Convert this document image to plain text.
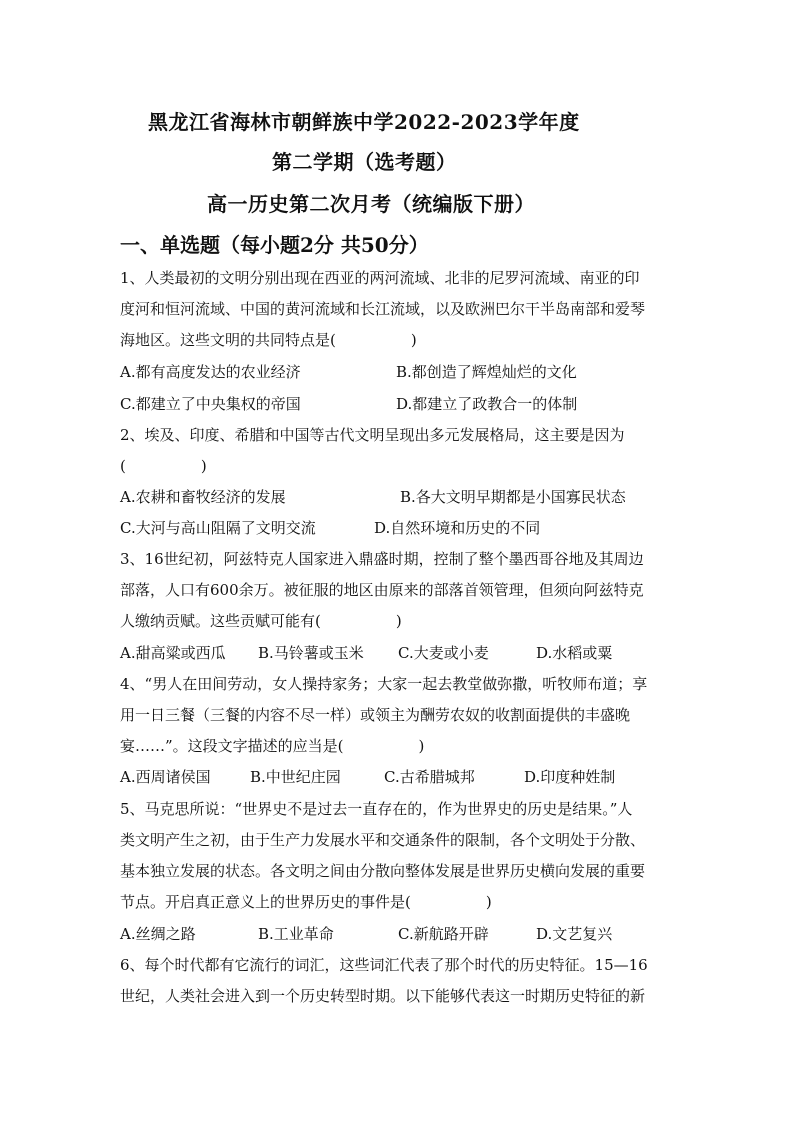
黑龙江省海林市朝鲜族中学2022-2023学年度
第二学期（选考题）
高一历史第二次月考（统编版下册）
一、单选题（每小题2分 共50分）
1、人类最初的文明分别出现在西亚的两河流域、北非的尼罗河流域、南亚的印
度河和恒河流域、中国的黄河流域和长江流域，以及欧洲巴尔干半岛南部和爱琴
海地区。这些文明的共同特点是(　　　　　)
A.都有高度发达的农业经济	B.都创造了辉煌灿烂的文化
C.都建立了中央集权的帝国	D.都建立了政教合一的体制
2、埃及、印度、希腊和中国等古代文明呈现出多元发展格局，这主要是因为
(　　　　　)
A.农耕和畜牧经济的发展	B.各大文明早期都是小国寡民状态
C.大河与高山阻隔了文明交流	D.自然环境和历史的不同
3、16世纪初，阿兹特克人国家进入鼎盛时期，控制了整个墨西哥谷地及其周边
部落，人口有600余万。被征服的地区由原来的部落首领管理，但须向阿兹特克
人缴纳贡赋。这些贡赋可能有(　　　　　)
A.甜高粱或西瓜 B.马铃薯或玉米 C.大麦或小麦	D.水稻或粟
4、“男人在田间劳动，女人操持家务；大家一起去教堂做弥撒，听牧师布道；享
用一日三餐（三餐的内容不尽一样）或领主为酬劳农奴的收割面提供的丰盛晚
宴……”。这段文字描述的应当是(　　　　　)
A.西周诸侯国	B.中世纪庄园	C.古希腊城邦	D.印度种姓制
5、马克思所说：“世界史不是过去一直存在的，作为世界史的历史是结果。”人
类文明产生之初，由于生产力发展水平和交通条件的限制，各个文明处于分散、
基本独立发展的状态。各文明之间由分散向整体发展是世界历史横向发展的重要
节点。开启真正意义上的世界历史的事件是(　　　　　)
A.丝绸之路	B.工业革命	C.新航路开辟	D.文艺复兴
6、每个时代都有它流行的词汇，这些词汇代表了那个时代的历史特征。15—16
世纪，人类社会进入到一个历史转型时期。以下能够代表这一时期历史特征的新
